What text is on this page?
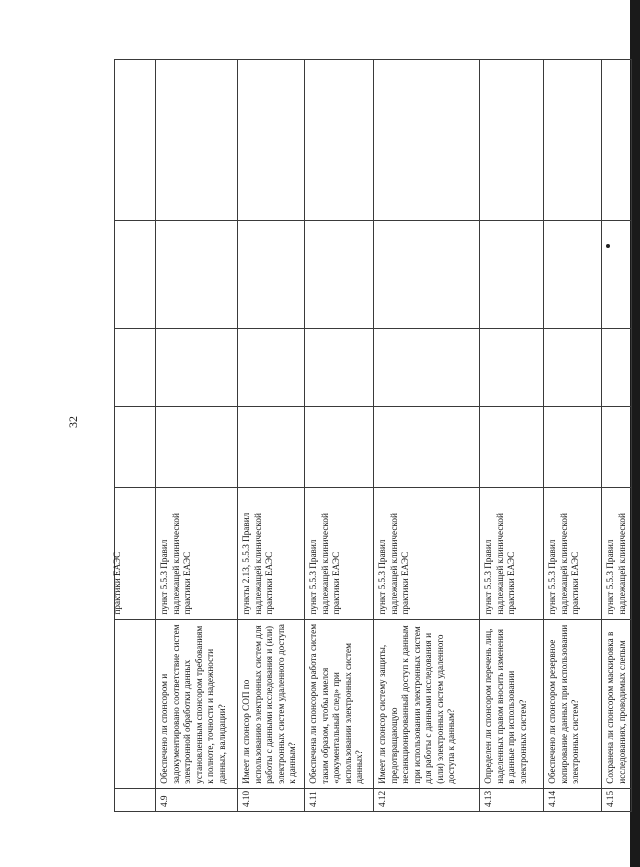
32

		практики ЕАЭС				

4.9	Обеспечено ли спонсором и задокументировано соответствие систем электронной обработки данных установленным спонсором требованиям к полноте, точности и надежности данных, валидации?	пункт 5.5.3 Правил надлежащей клинической практики ЕАЭС				
4.10	Имеет ли спонсор СОП по использованию электронных систем для работы с данными исследования и (или) электронных систем удаленного доступа к данным?	пункты 2.13, 5.5.3 Правил надлежащей клинической практики ЕАЭС				
4.11	Обеспечена ли спонсором работа систем таким образом, чтобы имелся «документальный след» при использовании электронных систем данных?	пункт 5.5.3 Правил надлежащей клинической практики ЕАЭС				
4.12	Имеет ли спонсор систему защиты, предотвращающую несанкционированный доступ к данным при использовании электронных систем для работы с данными исследования и (или) электронных систем удаленного доступа к данным?	пункт 5.5.3 Правил надлежащей клинической практики ЕАЭС				
4.13	Определен ли спонсором перечень лиц, наделенных правом вносить изменения в данные при использовании электронных систем?	пункт 5.5.3 Правил надлежащей клинической практики ЕАЭС				
4.14	Обеспечено ли спонсором резервное копирование данных при использовании электронных систем?	пункт 5.5.3 Правил надлежащей клинической практики ЕАЭС				
4.15	Сохранена ли спонсором маскировка в исследованиях, проводимых слепым	пункт 5.5.3 Правил надлежащей клинической				
